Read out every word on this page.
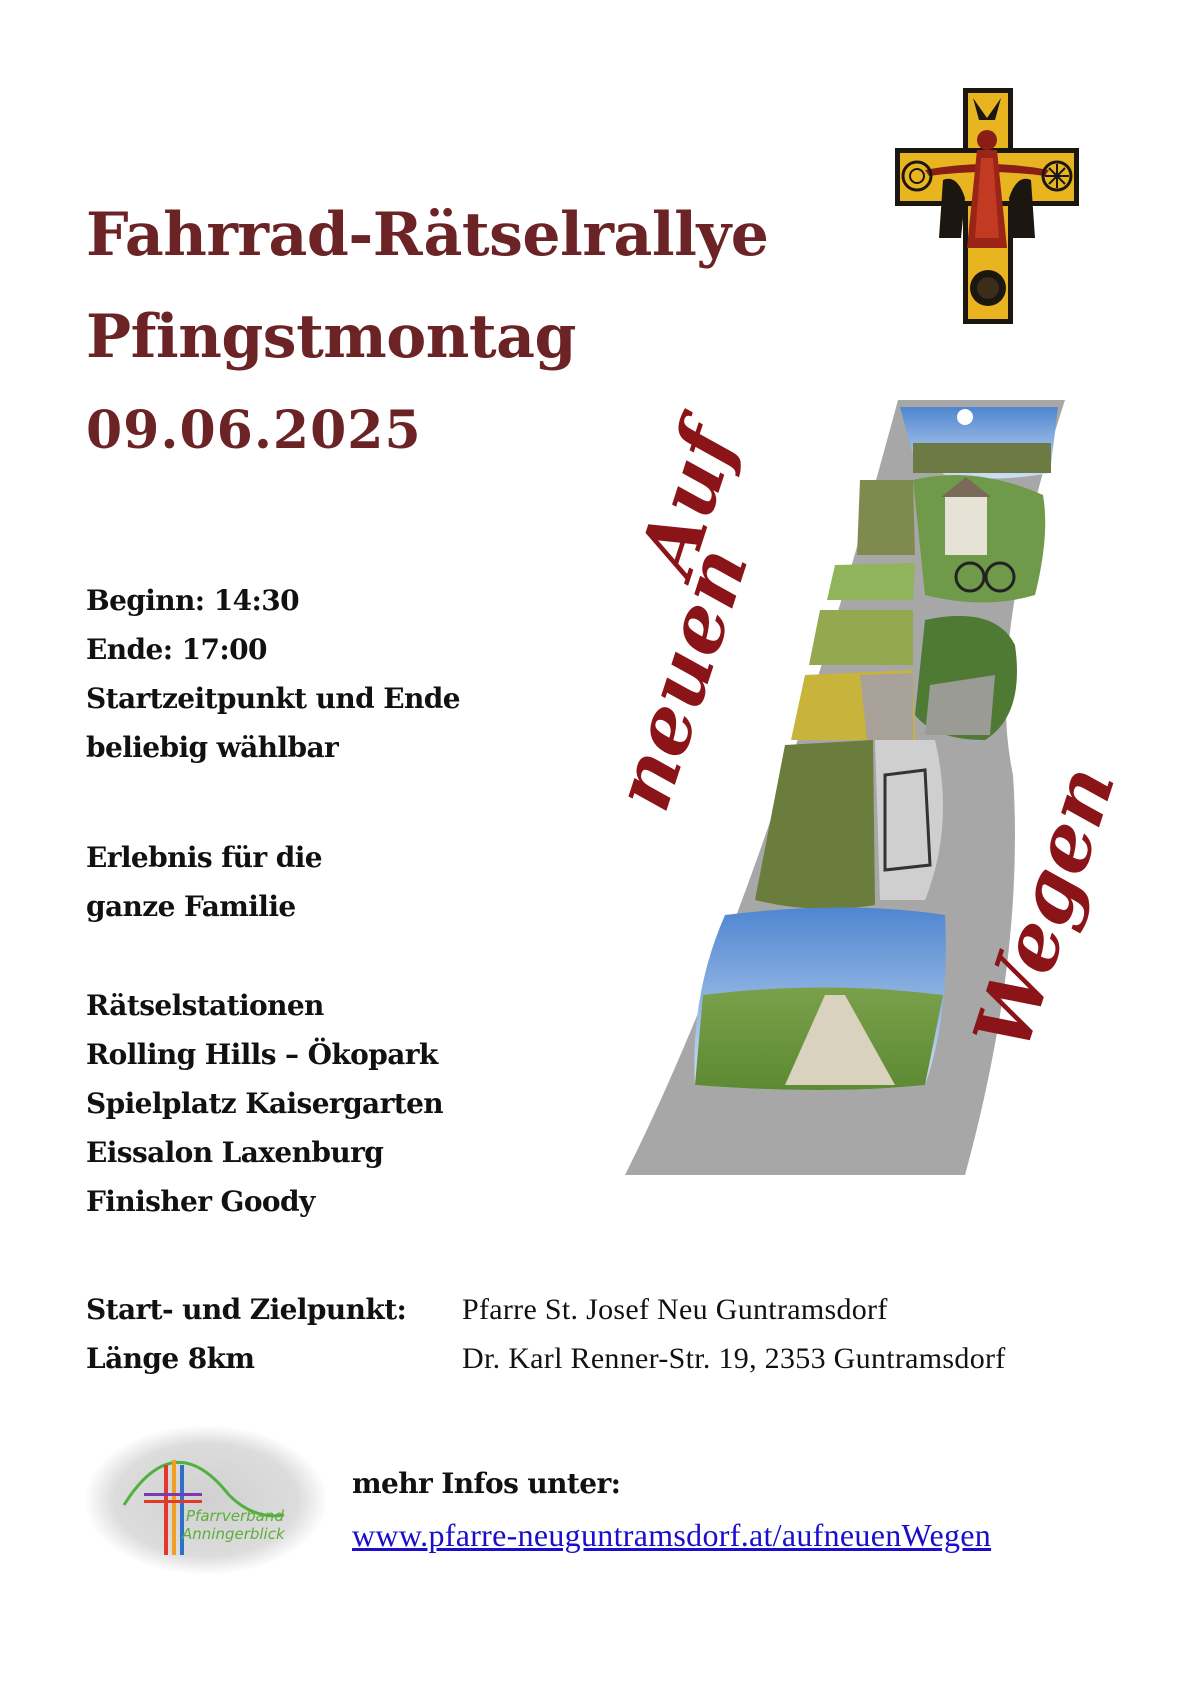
Fahrrad-Rätselrallye
Pfingstmontag
09.06.2025	Auf
neuen
Wegen
Beginn: 14:30
Ende: 17:00
Startzeitpunkt und Ende
beliebig wählbar
Erlebnis für die
ganze Familie
Rätselstationen
Rolling Hills – Ökopark
Spielplatz Kaisergarten
Eissalon Laxenburg
Finisher Goody
Start- und Zielpunkt:
Länge 8km
Pfarre St. Josef Neu Guntramsdorf
Dr. Karl Renner-Str. 19, 2353 Guntramsdorf
Pfarrverband
Anningerblick
mehr Infos unter:
www.pfarre-neuguntramsdorf.at/aufneuenWegen
